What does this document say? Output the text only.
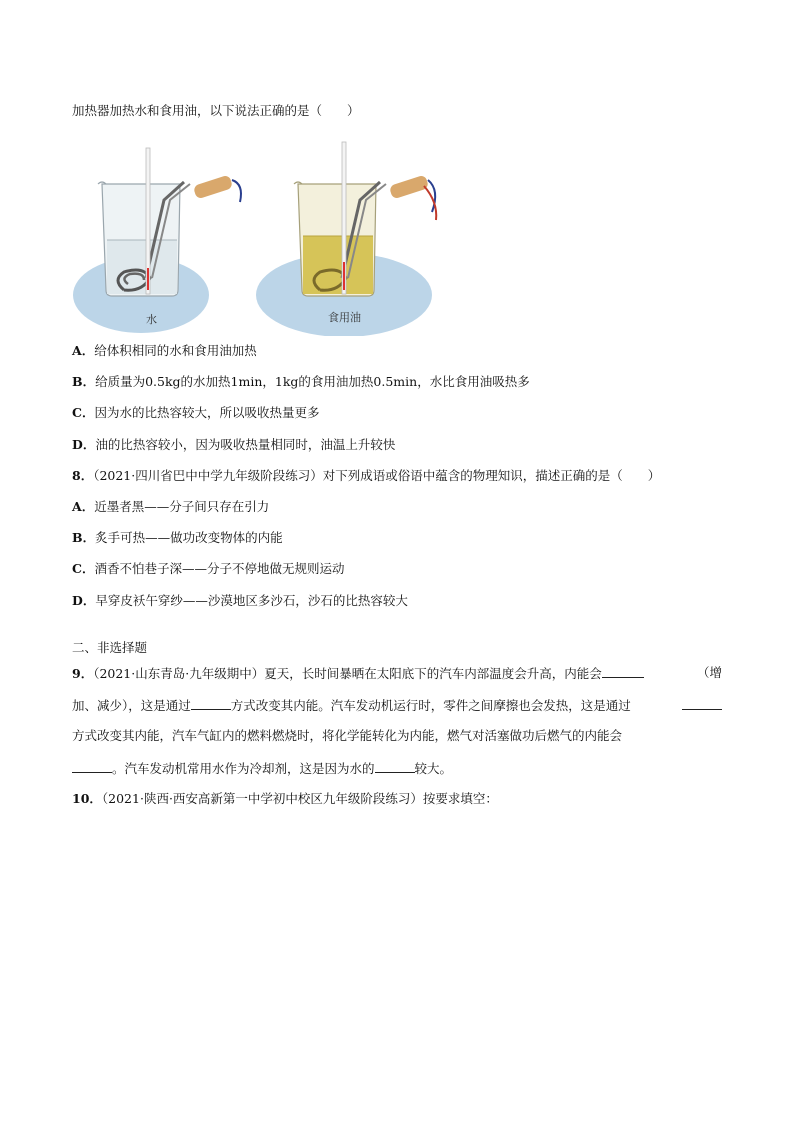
加热器加热水和食用油，以下说法正确的是（　　）
水	食用油
A．给体积相同的水和食用油加热
B．给质量为0.5kg的水加热1min，1kg的食用油加热0.5min，水比食用油吸热多
C．因为水的比热容较大，所以吸收热量更多
D．油的比热容较小，因为吸收热量相同时，油温上升较快
8．（2021·四川省巴中中学九年级阶段练习）对下列成语或俗语中蕴含的物理知识，描述正确的是（　　）
A．近墨者黑——分子间只存在引力
B．炙手可热——做功改变物体的内能
C．酒香不怕巷子深——分子不停地做无规则运动
D．早穿皮袄午穿纱——沙漠地区多沙石，沙石的比热容较大
二、非选择题
9．（2021·山东青岛·九年级期中）夏天，长时间暴晒在太阳底下的汽车内部温度会升高，内能会	（增
加、减少），这是通过	方式改变其内能。汽车发动机运行时，零件之间摩擦也会发热，这是通过
方式改变其内能，汽车气缸内的燃料燃烧时，将化学能转化为内能，燃气对活塞做功后燃气的内能会
。汽车发动机常用水作为冷却剂，这是因为水的	较大。
10．（2021·陕西·西安高新第一中学初中校区九年级阶段练习）按要求填空：
